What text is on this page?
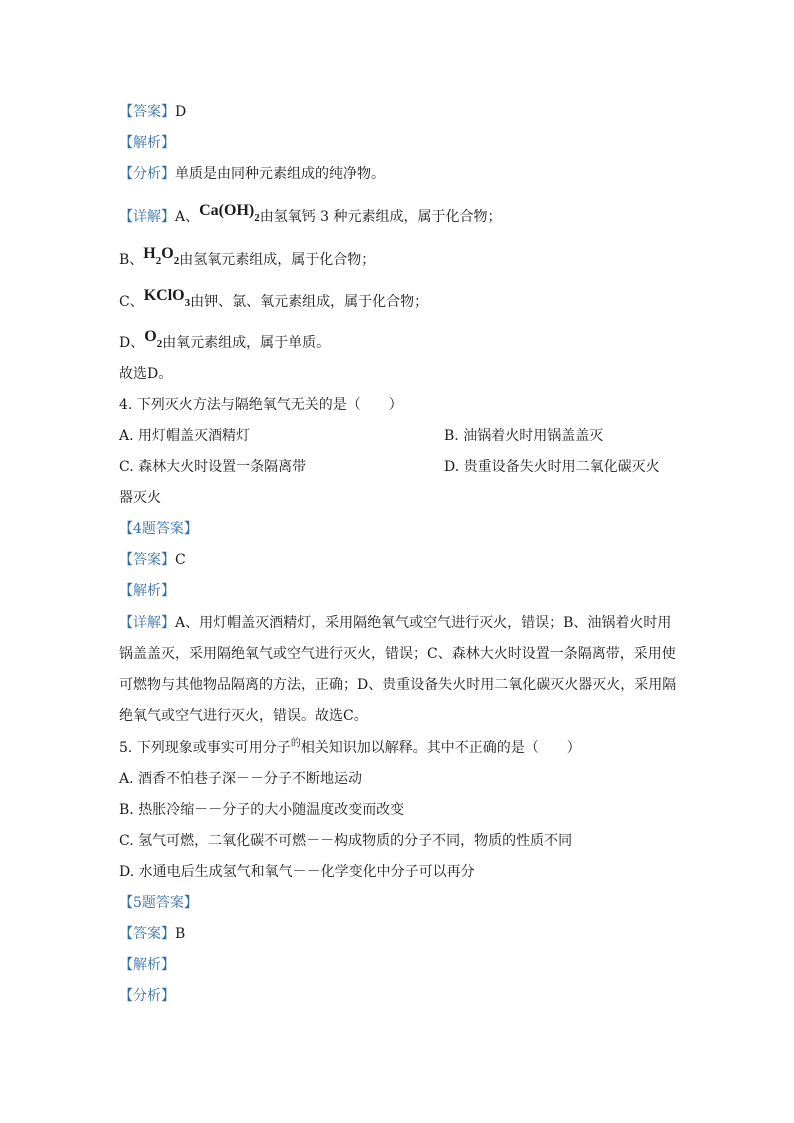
【答案】D
【解析】
【分析】单质是由同种元素组成的纯净物。
【详解】A、$Ca(OH)_2$由氢氧钙 3 种元素组成，属于化合物；
B、$H_2O_2$由氢氧元素组成，属于化合物；
C、KClO$_3$由钾、氯、氧元素组成，属于化合物；
D、$O_2$由氧元素组成，属于单质。
故选D。
4. 下列灭火方法与隔绝氧气无关的是（　　）
A. 用灯帽盖灭酒精灯	B. 油锅着火时用锅盖盖灭
C. 森林大火时设置一条隔离带	D. 贵重设备失火时用二氧化碳灭火
器灭火
【4题答案】
【答案】C
【解析】
【详解】A、用灯帽盖灭酒精灯，采用隔绝氧气或空气进行灭火，错误；B、油锅着火时用
锅盖盖灭，采用隔绝氧气或空气进行灭火，错误；C、森林大火时设置一条隔离带，采用使
可燃物与其他物品隔离的方法，正确；D、贵重设备失火时用二氧化碳灭火器灭火，采用隔
绝氧气或空气进行灭火，错误。故选C。
5. 下列现象或事实可用分子$^的$相关知识加以解释。其中不正确的是（　　）
A. 酒香不怕巷子深－－分子不断地运动
B. 热胀冷缩－－分子的大小随温度改变而改变
C. 氢气可燃，二氧化碳不可燃－－构成物质的分子不同，物质的性质不同
D. 水通电后生成氢气和氧气－－化学变化中分子可以再分
【5题答案】
【答案】B
【解析】
【分析】
